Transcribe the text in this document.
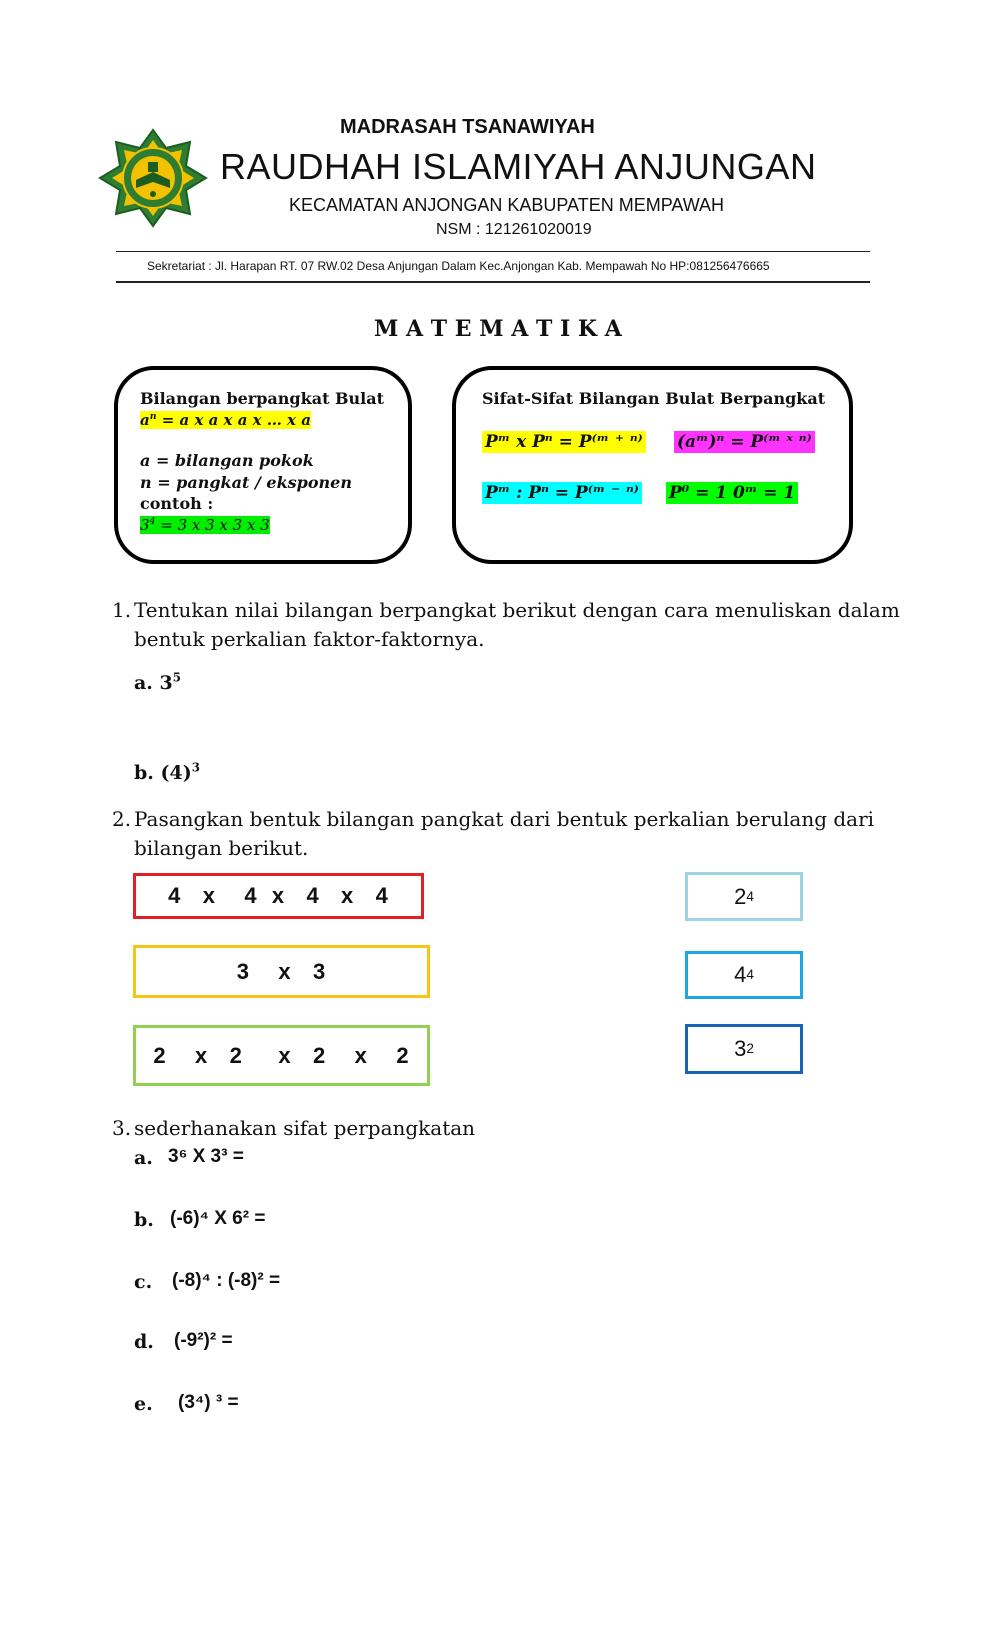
MADRASAH TSANAWIYAH
RAUDHAH ISLAMIYAH ANJUNGAN
KECAMATAN ANJONGAN KABUPATEN MEMPAWAH
NSM : 121261020019
Sekretariat : Jl. Harapan RT. 07 RW.02 Desa Anjungan Dalam Kec.Anjongan Kab. Mempawah No HP:081256476665
M A T E M A T I K A
Bilangan berpangkat Bulat
$a^n = a$ x a x a x … x a
a = bilangan pokok
n = pangkat / eksponen
contoh :
$3^4 = 3$ x 3 x 3 x 3
Sifat-Sifat Bilangan Bulat Berpangkat
Pᵐ x Pⁿ = P⁽ᵐ ⁺ ⁿ⁾ (aᵐ)ⁿ = P⁽ᵐ ˣ ⁿ⁾
Pᵐ : Pⁿ = P⁽ᵐ ⁻ ⁿ⁾ P⁰ = 1 0ᵐ = 1
1. Tentukan nilai bilangan berpangkat berikut dengan cara menuliskan dalam
bentuk perkalian faktor-faktornya.
a. $3^5$
b. $(4)^3$
2. Pasangkan bentuk bilangan pangkat dari bentuk perkalian berulang dari
bilangan berikut.
4   x    4  x   4   x   4
3    x   3
2    x   2     x   2    x    2
2 4
4 4
3 2
3. sederhanakan sifat perpangkatan
a. 3⁶ X 3³ =
b. (-6)⁴ X 6² =
c. (-8)⁴ : (-8)² =
d. (-9²)² =
e. (3⁴) ³ =
